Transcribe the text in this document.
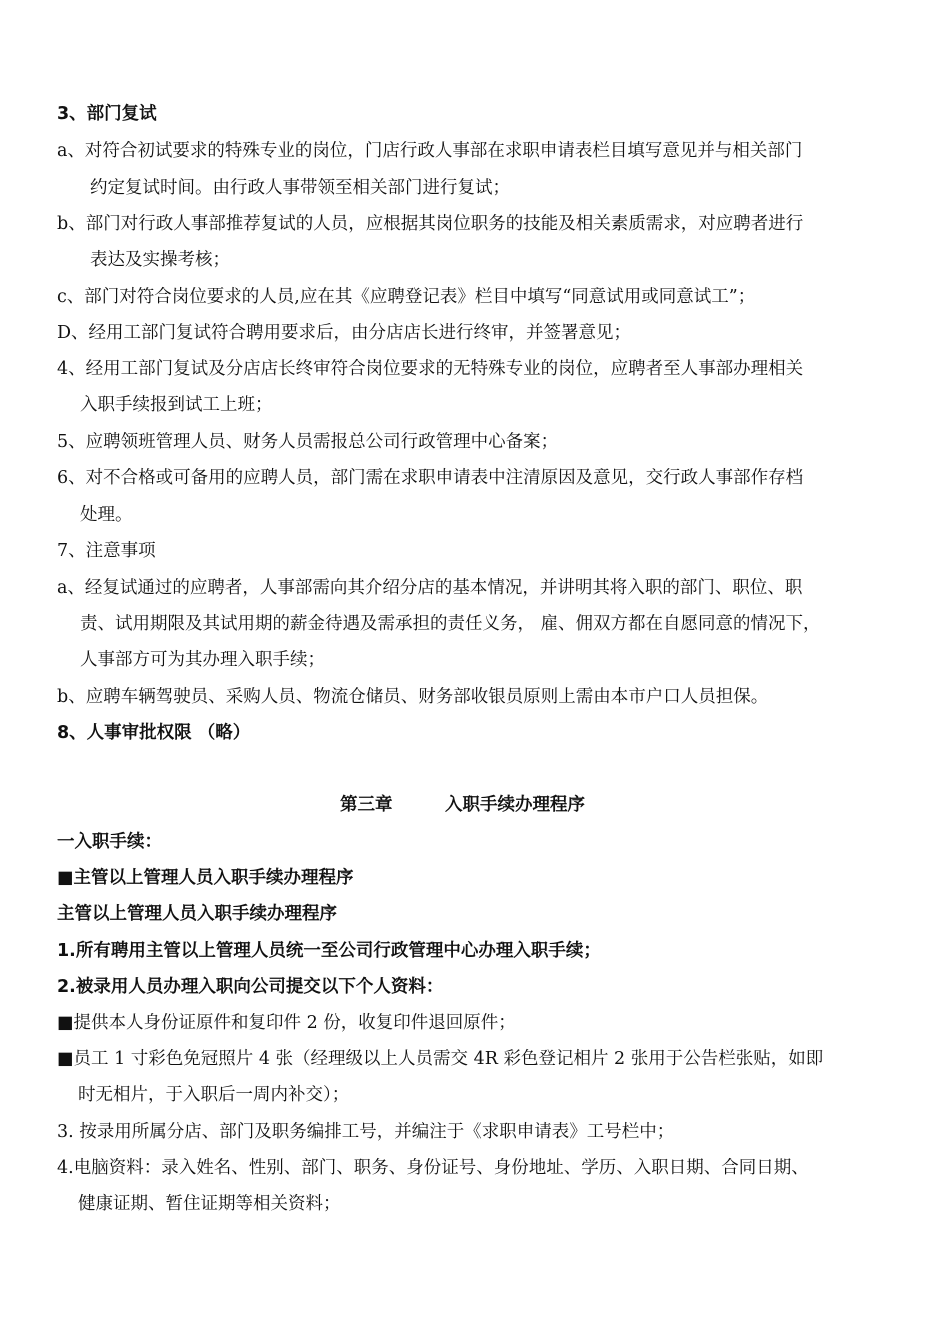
3、部门复试
a、对符合初试要求的特殊专业的岗位，门店行政人事部在求职申请表栏目填写意见并与相关部门
约定复试时间。由行政人事带领至相关部门进行复试；
b、部门对行政人事部推荐复试的人员，应根据其岗位职务的技能及相关素质需求，对应聘者进行
表达及实操考核；
c、部门对符合岗位要求的人员,应在其《应聘登记表》栏目中填写“同意试用或同意试工”；
D、经用工部门复试符合聘用要求后，由分店店长进行终审，并签署意见；
4、经用工部门复试及分店店长终审符合岗位要求的无特殊专业的岗位，应聘者至人事部办理相关
入职手续报到试工上班；
5、应聘领班管理人员、财务人员需报总公司行政管理中心备案；
6、对不合格或可备用的应聘人员，部门需在求职申请表中注清原因及意见，交行政人事部作存档
处理。
7、注意事项
a、经复试通过的应聘者，人事部需向其介绍分店的基本情况，并讲明其将入职的部门、职位、职
责、试用期限及其试用期的薪金待遇及需承担的责任义务， 雇、佣双方都在自愿同意的情况下，
人事部方可为其办理入职手续；
b、应聘车辆驾驶员、采购人员、物流仓储员、财务部收银员原则上需由本市户口人员担保。
8、人事审批权限 （略）
第三章	入职手续办理程序
一入职手续：
■主管以上管理人员入职手续办理程序
主管以上管理人员入职手续办理程序
1.所有聘用主管以上管理人员统一至公司行政管理中心办理入职手续；
2.被录用人员办理入职向公司提交以下个人资料：
■提供本人身份证原件和复印件 2 份，收复印件退回原件；
■员工 1 寸彩色免冠照片 4 张（经理级以上人员需交 4R 彩色登记相片 2 张用于公告栏张贴，如即
时无相片，于入职后一周内补交）；
3. 按录用所属分店、部门及职务编排工号，并编注于《求职申请表》工号栏中；
4.电脑资料：录入姓名、性别、部门、职务、身份证号、身份地址、学历、入职日期、合同日期、
健康证期、暂住证期等相关资料；
